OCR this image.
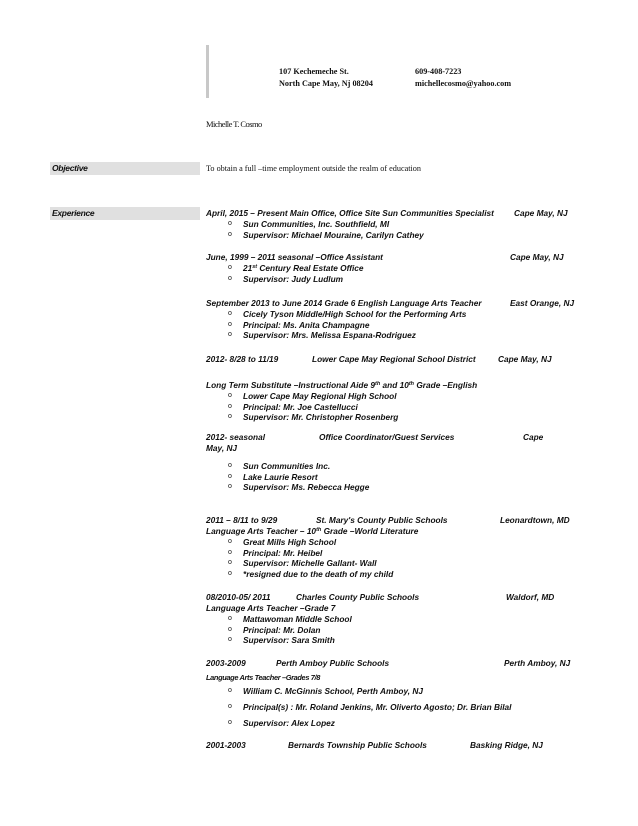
107 Kechemeche St.
North Cape May, Nj 08204
609-408-7223
michellecosmo@yahoo.com
Michelle T. Cosmo
Objective	To obtain a full –time employment outside the realm of education
Experience	April, 2015 – Present Main Office, Office Site Sun Communities Specialist Cape May, NJ
o Sun Communities, Inc. Southfield, MI
o Supervisor: Michael Mouraine, Carilyn Cathey
June, 1999 – 2011 seasonal –Office Assistant	Cape May, NJ
o 21st Century Real Estate Office
o Supervisor: Judy Ludlum
September 2013 to June 2014 Grade 6 English Language Arts Teacher	East Orange, NJ
o Cicely Tyson Middle/High School for the Performing Arts
o Principal: Ms. Anita Champagne
o Supervisor: Mrs. Melissa Espana-Rodriguez
2012- 8/28 to 11/19	Lower Cape May Regional School District	Cape May, NJ
Long Term Substitute –Instructional Aide 9th and 10th Grade –English
o Lower Cape May Regional High School
o Principal: Mr. Joe Castellucci
o Supervisor: Mr. Christopher Rosenberg
2012- seasonal	Office Coordinator/Guest Services	Cape
May, NJ
o Sun Communities Inc.
o Lake Laurie Resort
o Supervisor: Ms. Rebecca Hegge
2011 – 8/11 to 9/29	St. Mary's County Public Schools	Leonardtown, MD
Language Arts Teacher – 10th Grade –World Literature
o Great Mills High School
o Principal: Mr. Heibel
o Supervisor: Michelle Gallant- Wall
o *resigned due to the death of my child
08/2010-05/ 2011	Charles County Public Schools	Waldorf, MD
Language Arts Teacher –Grade 7
o Mattawoman Middle School
o Principal: Mr. Dolan
o Supervisor: Sara Smith
2003-2009	Perth Amboy Public Schools	Perth Amboy, NJ
Language Arts Teacher –Grades 7/8
o William C. McGinnis School, Perth Amboy, NJ
o Principal(s) : Mr. Roland Jenkins, Mr. Oliverto Agosto; Dr. Brian Bilal
o Supervisor: Alex Lopez
2001-2003	Bernards Township Public Schools	Basking Ridge, NJ
